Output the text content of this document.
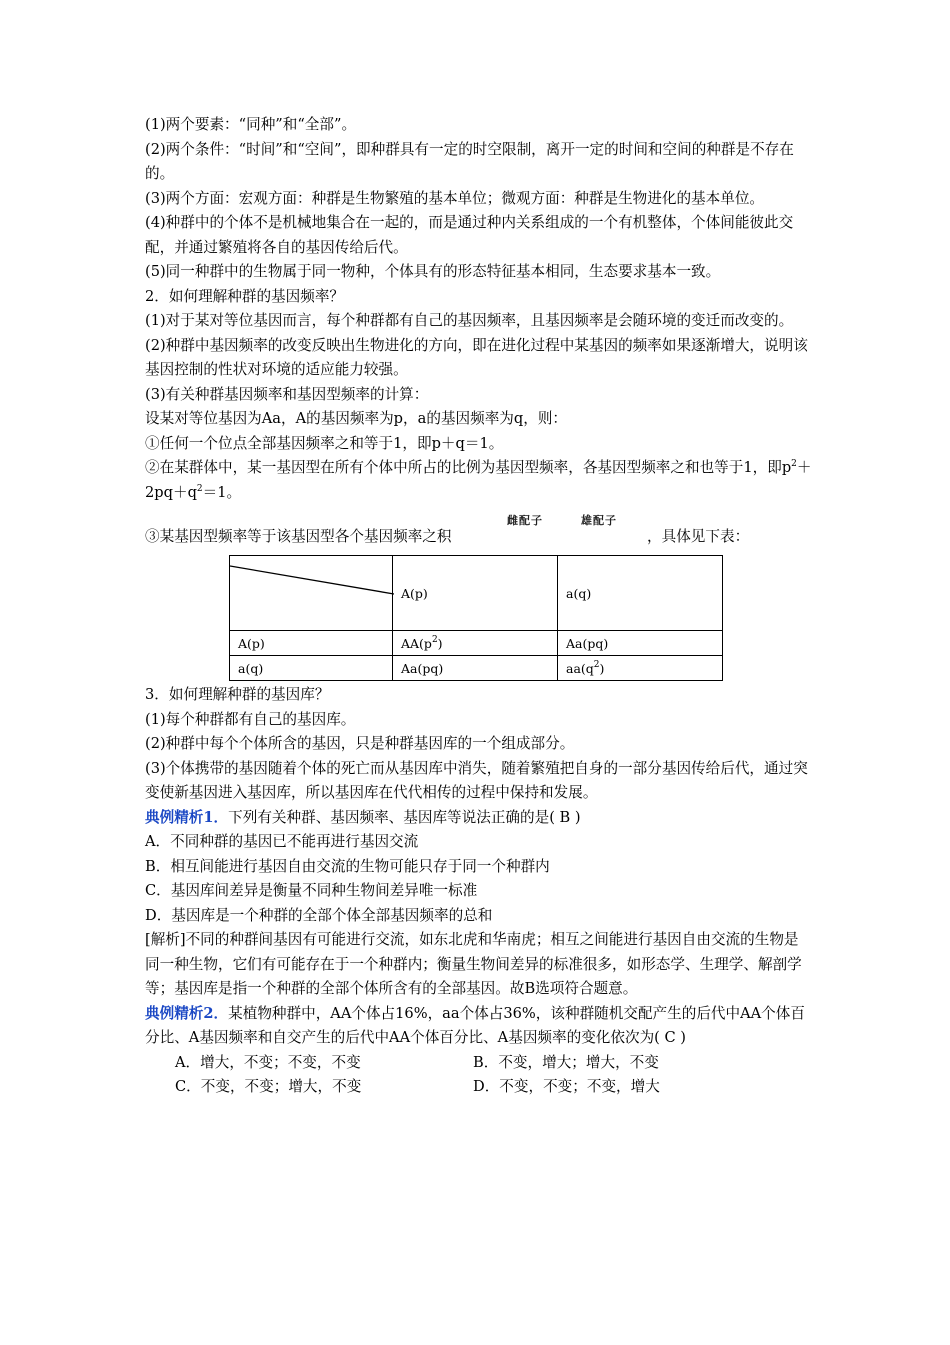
(1)两个要素：“同种”和“全部”。
(2)两个条件：“时间”和“空间”，即种群具有一定的时空限制，离开一定的时间和空间的种群是不存在的。
(3)两个方面：宏观方面：种群是生物繁殖的基本单位；微观方面：种群是生物进化的基本单位。
(4)种群中的个体不是机械地集合在一起的，而是通过种内关系组成的一个有机整体，个体间能彼此交配，并通过繁殖将各自的基因传给后代。
(5)同一种群中的生物属于同一物种，个体具有的形态特征基本相同，生态要求基本一致。
2．如何理解种群的基因频率？
(1)对于某对等位基因而言，每个种群都有自己的基因频率，且基因频率是会随环境的变迁而改变的。
(2)种群中基因频率的改变反映出生物进化的方向，即在进化过程中某基因的频率如果逐渐增大，说明该基因控制的性状对环境的适应能力较强。
(3)有关种群基因频率和基因型频率的计算：
设某对等位基因为Aa，A的基因频率为p，a的基因频率为q，则：
①任何一个位点全部基因频率之和等于1，即p＋q＝1。
②在某群体中，某一基因型在所有个体中所占的比例为基因型频率，各基因型频率之和也等于1，即$p^2+2pq+q^2=1$。
③某基因型频率等于该基因型各个基因频率之积
雌配子	雄配子
，具体见下表：
	A(p)	a(q)
A(p)	$AA(p^2)$	Aa(pq)
a(q)	Aa(pq)	$aa(q^2)$
3．如何理解种群的基因库？
(1)每个种群都有自己的基因库。
(2)种群中每个个体所含的基因，只是种群基因库的一个组成部分。
(3)个体携带的基因随着个体的死亡而从基因库中消失，随着繁殖把自身的一部分基因传给后代，通过突变使新基因进入基因库，所以基因库在代代相传的过程中保持和发展。
典例精析1．下列有关种群、基因频率、基因库等说法正确的是( B )
A．不同种群的基因已不能再进行基因交流
B．相互间能进行基因自由交流的生物可能只存于同一个种群内
C．基因库间差异是衡量不同种生物间差异唯一标准
D．基因库是一个种群的全部个体全部基因频率的总和
[解析]不同的种群间基因有可能进行交流，如东北虎和华南虎；相互之间能进行基因自由交流的生物是同一种生物，它们有可能存在于一个种群内；衡量生物间差异的标准很多，如形态学、生理学、解剖学等；基因库是指一个种群的全部个体所含有的全部基因。故B选项符合题意。
典例精析2．某植物种群中，AA个体占16%，aa个体占36%，该种群随机交配产生的后代中AA个体百分比、A基因频率和自交产生的后代中AA个体百分比、A基因频率的变化依次为( C )
A．增大，不变；不变，不变	B．不变，增大；增大，不变
C．不变，不变；增大，不变	D．不变，不变；不变，增大
